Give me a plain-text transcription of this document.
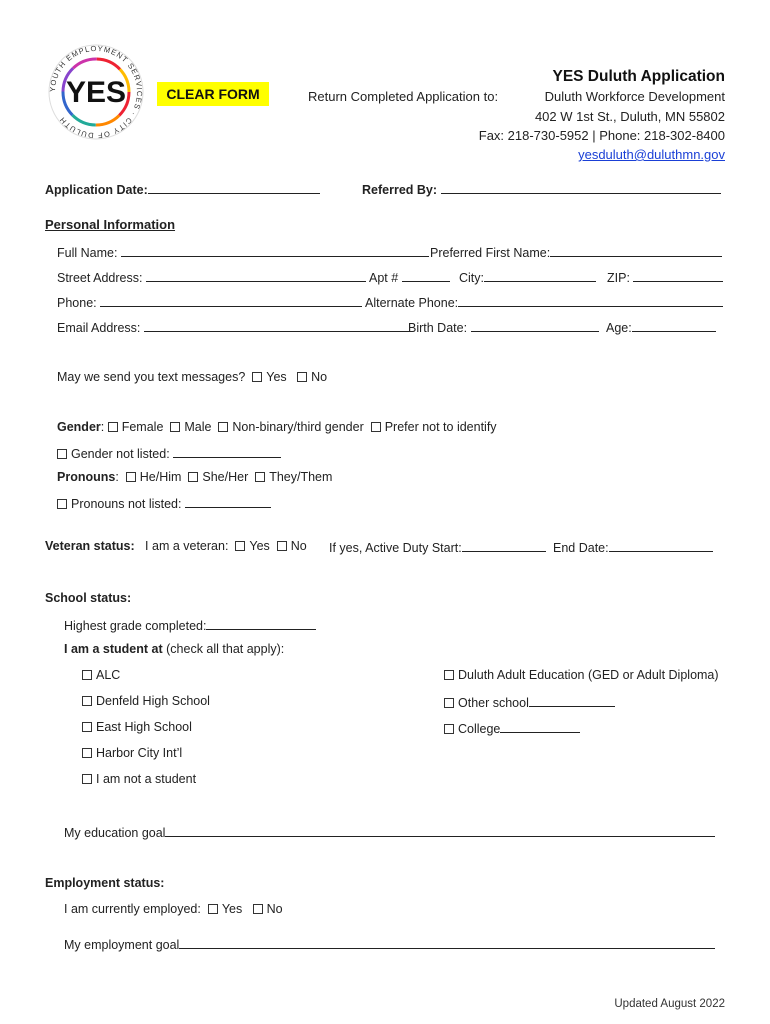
YOUTH EMPLOYMENT SERVICES · CITY OF DULUTH
YES	CLEAR FORM
YES Duluth Application
Return Completed Application to:	Duluth Workforce Development
402 W 1st St., Duluth, MN 55802
Fax: 218-730-5952 | Phone: 218-302-8400
yesduluth@duluthmn.gov
Application Date:	Referred By:
Personal Information
Full Name:	Preferred First Name:
Street Address:	Apt #	City:	ZIP:
Phone:	Alternate Phone:
Email Address:	Birth Date:	Age:
May we send you text messages? Yes No
Gender: Female Male Non-binary/third gender Prefer not to identify
Gender not listed:
Pronouns:  He/Him She/Her They/Them
Pronouns not listed:
Veteran status: I am a veteran: Yes No If yes, Active Duty Start:	End Date:
School status:
Highest grade completed:
I am a student at (check all that apply):
ALC
Denfeld High School
East High School
Harbor City Int’l
I am not a student
Duluth Adult Education (GED or Adult Diploma)
Other school
College
My education goal
Employment status:
I am currently employed: Yes No
My employment goal
Updated August 2022
